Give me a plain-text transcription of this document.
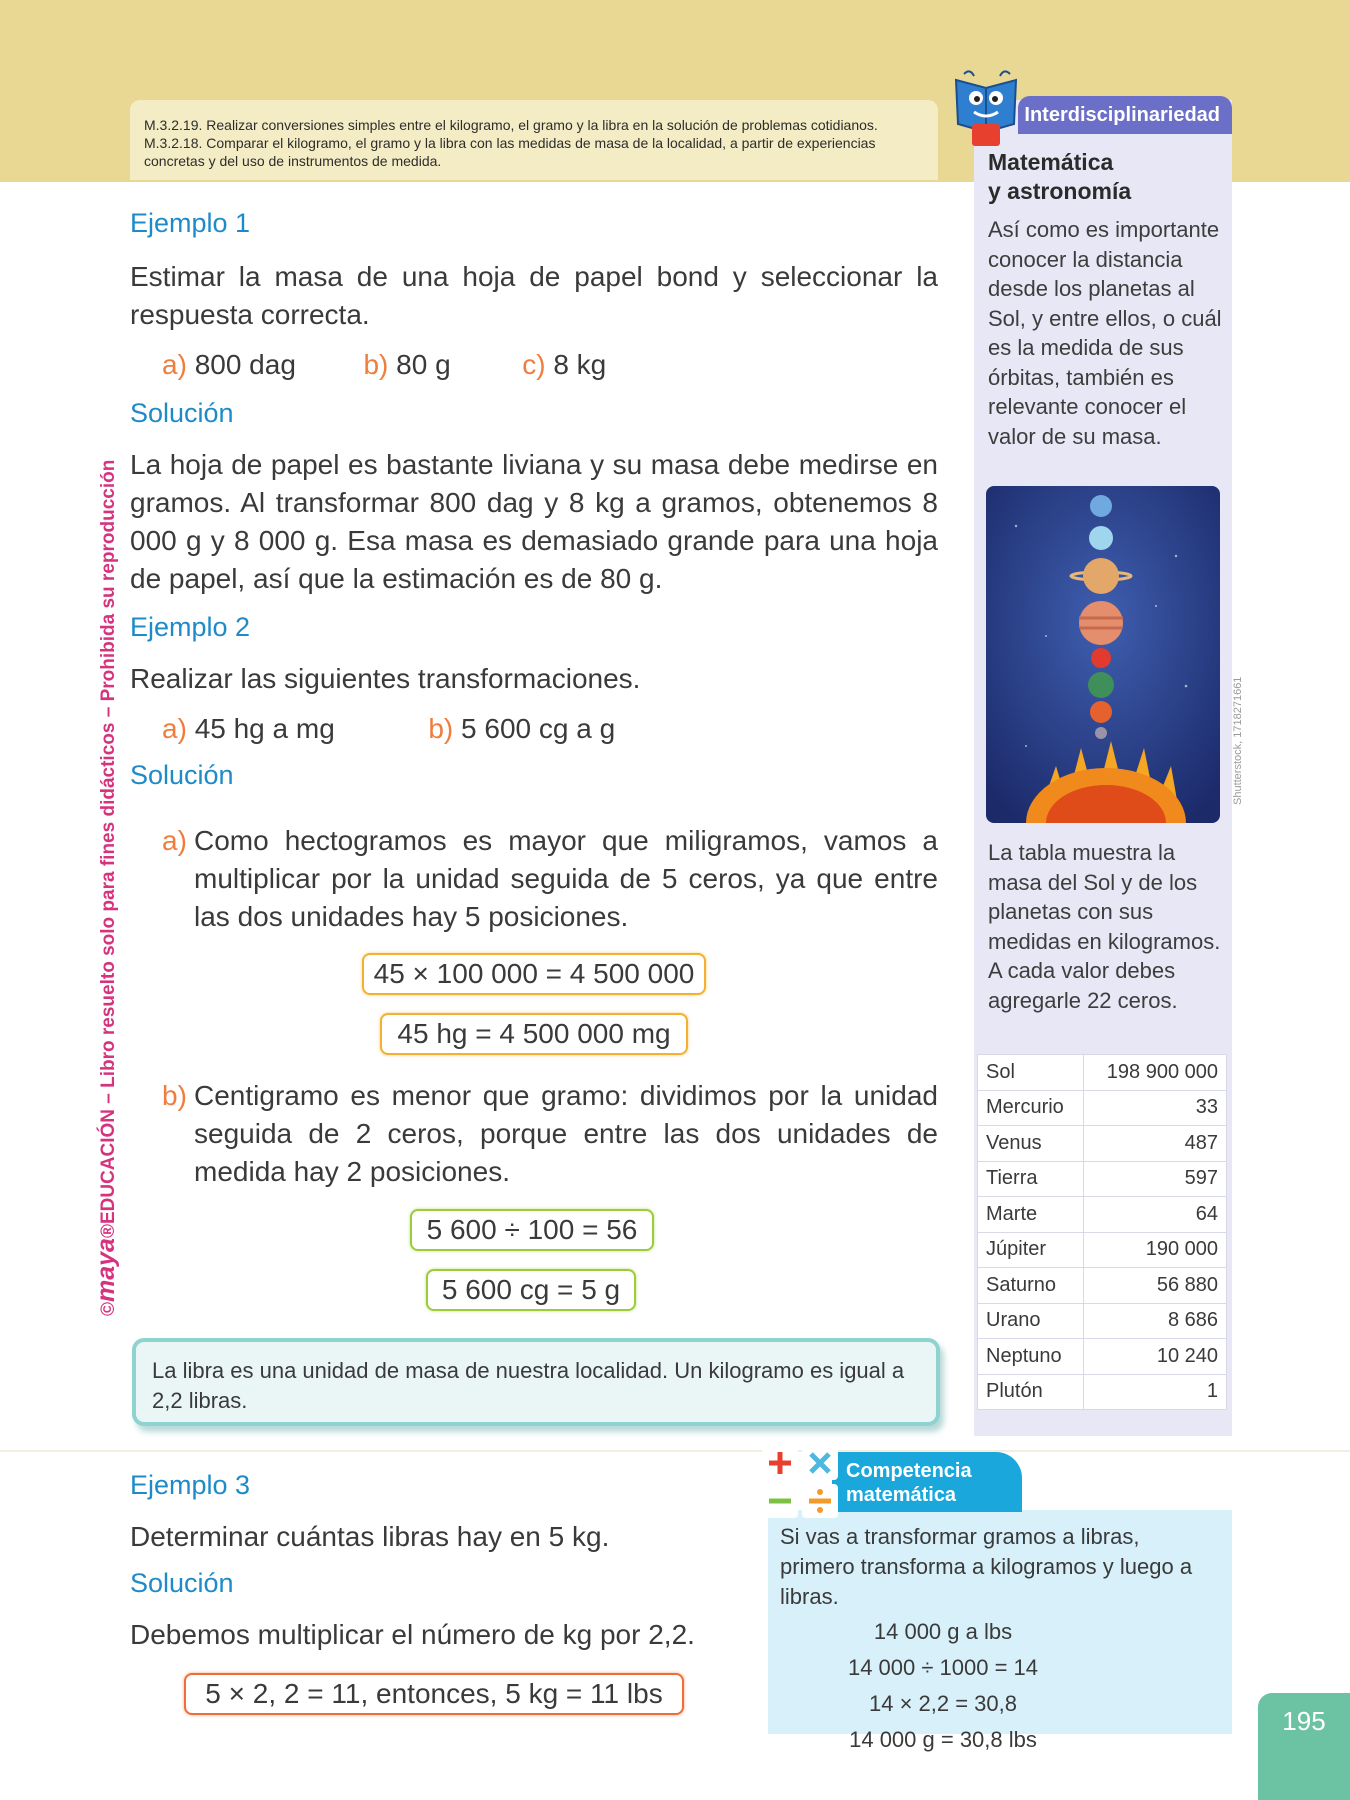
M.3.2.19. Realizar conversiones simples entre el kilogramo, el gramo y la libra en la solución de problemas cotidianos.

M.3.2.18. Comparar el kilogramo, el gramo y la libra con las medidas de masa de la localidad, a partir de experiencias concretas y del uso de instrumentos de medida.

©maya®EDUCACIÓN – Libro resuelto solo para fines didácticos – Prohibida su reproducción
Ejemplo 1
Estimar la masa de una hoja de papel bond y seleccionar la respuesta correcta.
a) 800 dag b) 80 g	c) 8 kg
Solución
La hoja de papel es bastante liviana y su masa debe medirse en gramos. Al transformar 800 dag y 8 kg a gramos, obtenemos 8 000 g y 8 000 g. Esa masa es demasiado grande para una hoja de papel, así que la estimación es de 80 g.
Ejemplo 2
Realizar las siguientes transformaciones.
a) 45 hg a mg	b) 5 600 cg a g
Solución
a) Como hectogramos es mayor que miligramos, vamos a multiplicar por la unidad seguida de 5 ceros, ya que entre las dos unidades hay 5 posiciones.
45 × 100 000 = 4 500 000
45 hg = 4 500 000 mg
b) Centigramo es menor que gramo: dividimos por la unidad seguida de 2 ceros, porque entre las dos unidades de medida hay 2 posiciones.
5 600 ÷ 100 = 56
5 600 cg = 5 g
La libra es una unidad de masa de nuestra localidad. Un kilogramo es igual a 2,2 libras.
Ejemplo 3
Determinar cuántas libras hay en 5 kg.
Solución
Debemos multiplicar el número de kg por 2,2.
5 × 2, 2 = 11, entonces, 5 kg = 11 lbs
Interdisciplinariedad
Matemática
y astronomía
Así como es importante conocer la distancia desde los planetas al Sol, y entre ellos, o cuál es la medida de sus órbitas, también es relevante conocer el valor de su masa.
Shutterstock, 1718271661
La tabla muestra la masa del Sol y de los planetas con sus medidas en kilogramos. A cada valor debes agregarle 22 ceros.
Sol	198 900 000
Mercurio	33
Venus	487
Tierra	597
Marte	64
Júpiter	190 000
Saturno	56 880
Urano	8 686
Neptuno	10 240
Plutón	1
Si vas a transformar gramos a libras, primero transforma a kilogramos y luego a libras.
14 000 g a lbs
14 000 ÷ 1000 = 14
14 × 2,2 = 30,8
14 000 g = 30,8 lbs
Competencia
matemática
195
